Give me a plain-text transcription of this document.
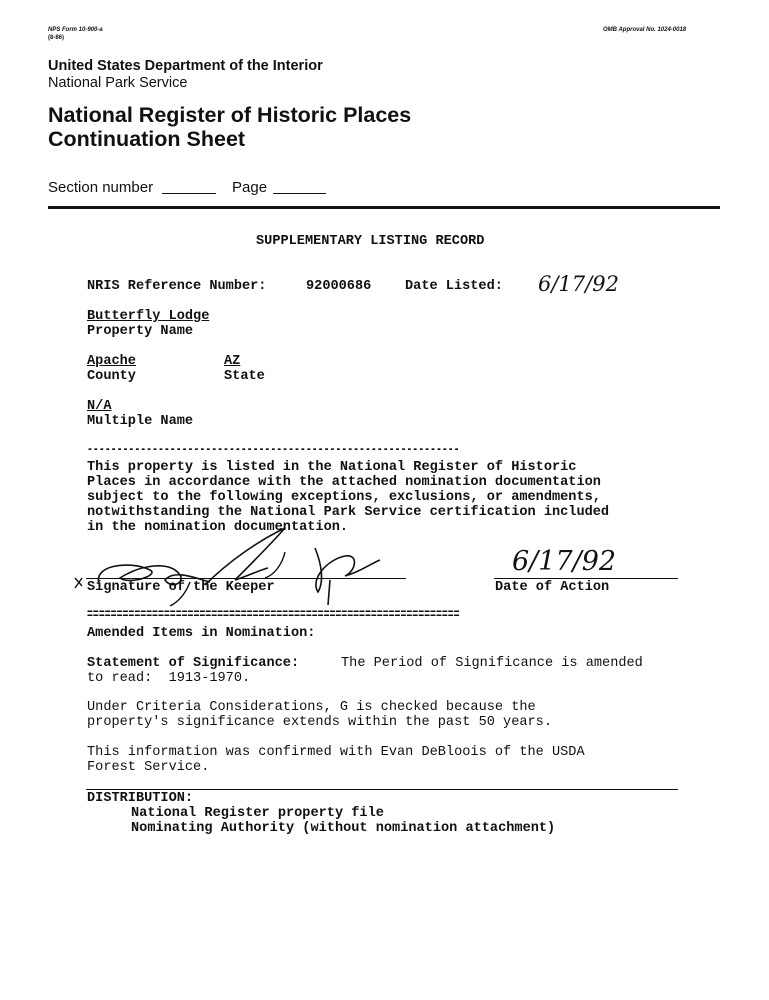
NPS Form 10-900-a
(8-86)
OMB Approval No. 1024-0018
United States Department of the Interior
National Park Service
National Register of Historic Places
Continuation Sheet
Section number	Page
SUPPLEMENTARY LISTING RECORD
NRIS Reference Number:	92000686 Date Listed: 6/17/92
Butterfly Lodge
Property Name
Apache	AZ
County	State
N/A
Multiple Name
---------------------------------------------------------------
This property is listed in the National Register of Historic
Places in accordance with the attached nomination documentation
subject to the following exceptions, exclusions, or amendments,
notwithstanding the National Park Service certification included
in the nomination documentation.
Signature of the Keeper
6/17/92
Date of Action
===============================================================
Amended Items in Nomination:
Statement of Significance:	The Period of Significance is amended
to read:  1913-1970.
Under Criteria Considerations, G is checked because the
property's significance extends within the past 50 years.
This information was confirmed with Evan DeBloois of the USDA
Forest Service.
DISTRIBUTION:
National Register property file
Nominating Authority (without nomination attachment)
